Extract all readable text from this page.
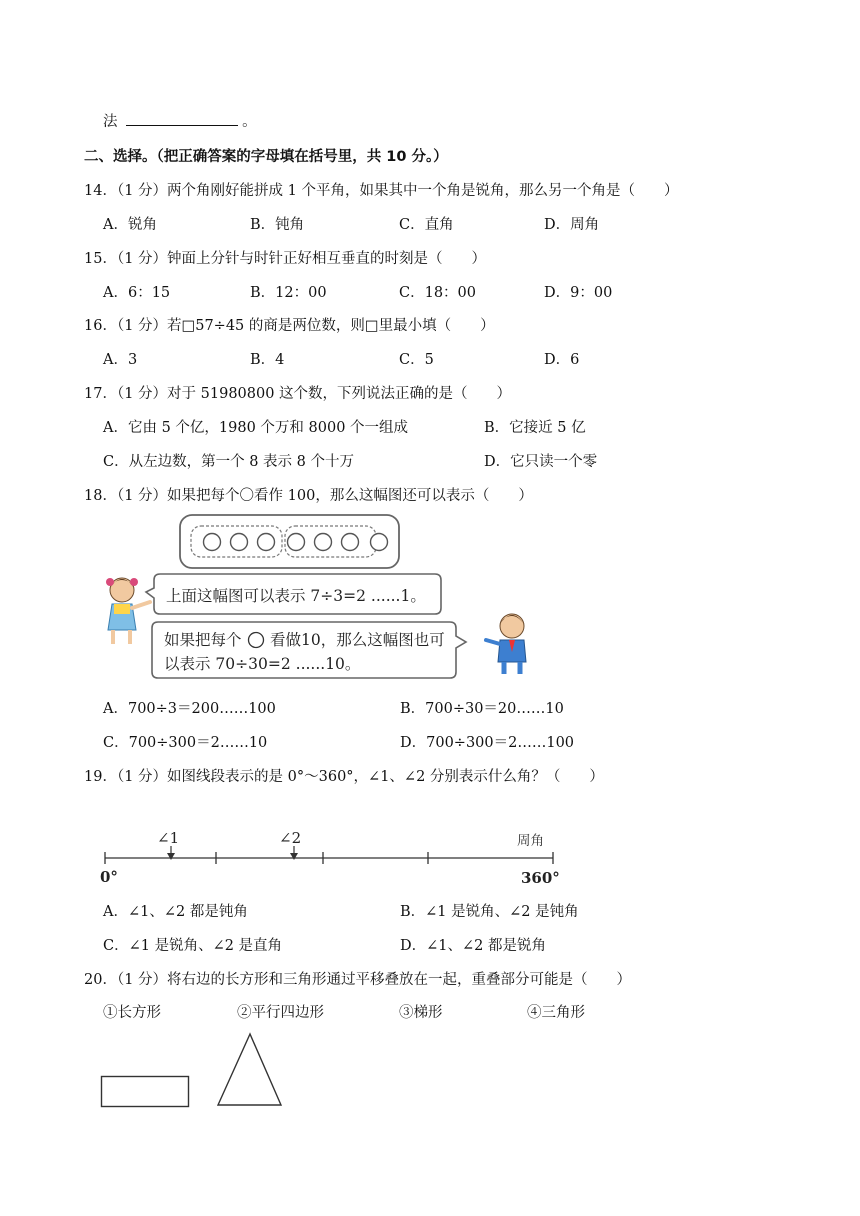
法	。
二、选择。（把正确答案的字母填在括号里，共 10 分。）
14．（1 分）两个角刚好能拼成 1 个平角，如果其中一个角是锐角，那么另一个角是（　　）
A．锐角	B．钝角	C．直角	D．周角
15．（1 分）钟面上分针与时针正好相互垂直的时刻是（　　）
A．6：15	B．12：00	C．18：00	D．9：00
16．（1 分）若□57÷45 的商是两位数，则□里最小填（　　）
A．3	B．4	C．5	D．6
17．（1 分）对于 51980800 这个数，下列说法正确的是（　　）
A．它由 5 个亿，1980 个万和 8000 个一组成	B．它接近 5 亿
C．从左边数，第一个 8 表示 8 个十万	D．它只读一个零
18．（1 分）如果把每个〇看作 100，那么这幅图还可以表示（　　）
上面这幅图可以表示 7÷3=2 ......1。
如果把每个 看做10，那么这幅图也可
以表示 70÷30=2 ......10。
A．700÷3＝200……100	B．700÷30＝20……10
C．700÷300＝2……10	D．700÷300＝2……100
19．（1 分）如图线段表示的是 0°～360°，∠1、∠2 分别表示什么角？（　　）
∠1	∠2	周角
0°	360°
A．∠1、∠2 都是钝角	B．∠1 是锐角、∠2 是钝角
C．∠1 是锐角、∠2 是直角	D．∠1、∠2 都是锐角
20．（1 分）将右边的长方形和三角形通过平移叠放在一起，重叠部分可能是（　　）
①长方形	②平行四边形	③梯形	④三角形
